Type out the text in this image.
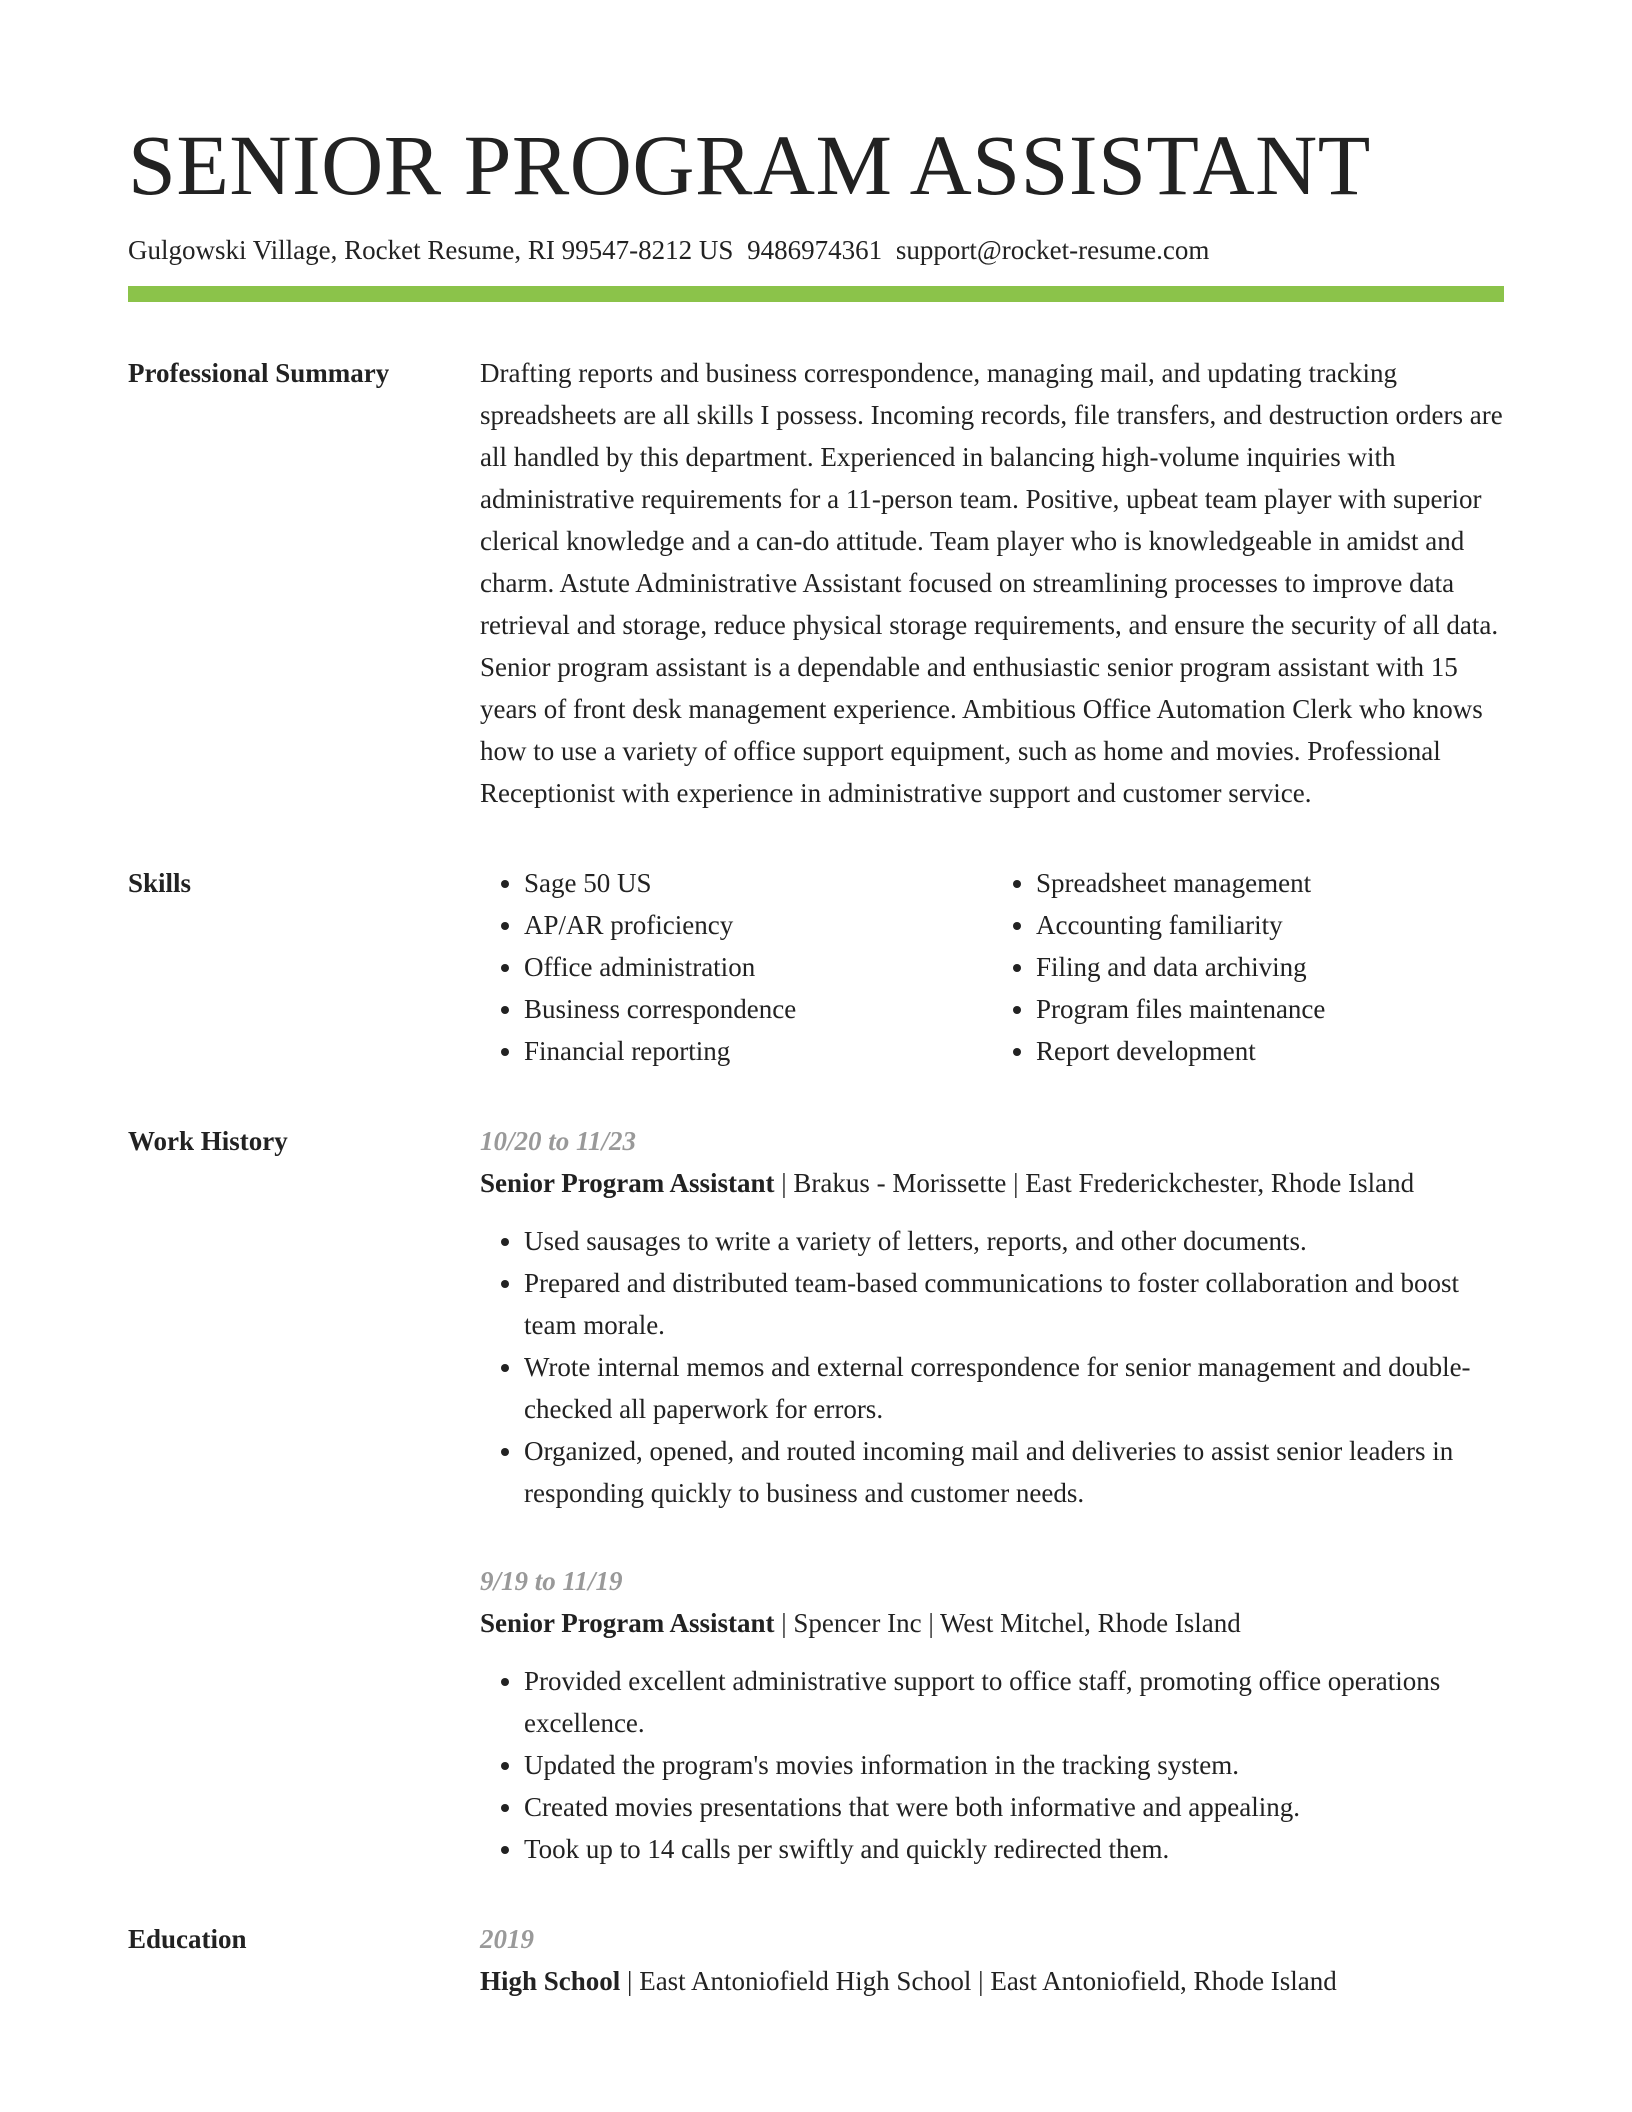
SENIOR PROGRAM ASSISTANT
Gulgowski Village, Rocket Resume, RI 99547-8212 US 9486974361 support@rocket-resume.com
Professional Summary	Drafting reports and business correspondence, managing mail, and updating tracking spreadsheets are all skills I possess. Incoming records, file transfers, and destruction orders are all handled by this department. Experienced in balancing high-volume inquiries with administrative requirements for a 11-person team. Positive, upbeat team player with superior clerical knowledge and a can-do attitude. Team player who is knowledgeable in amidst and charm. Astute Administrative Assistant focused on streamlining processes to improve data retrieval and storage, reduce physical storage requirements, and ensure the security of all data. Senior program assistant is a dependable and enthusiastic senior program assistant with 15 years of front desk management experience. Ambitious Office Automation Clerk who knows how to use a variety of office support equipment, such as home and movies. Professional Receptionist with experience in administrative support and customer service.

Skills
•	Sage 50 US
• AP/AR proficiency
• Office administration
• Business correspondence
• Financial reporting
• Spreadsheet management
• Accounting familiarity
• Filing and data archiving
• Program files maintenance
• Report development
Work History	10/20 to 11/23
Senior Program Assistant | Brakus - Morissette | East Frederickchester, Rhode Island
• Used sausages to write a variety of letters, reports, and other documents.
• Prepared and distributed team-based communications to foster collaboration and boost team morale.
• Wrote internal memos and external correspondence for senior management and double-checked all paperwork for errors.
• Organized, opened, and routed incoming mail and deliveries to assist senior leaders in responding quickly to business and customer needs.
9/19 to 11/19
Senior Program Assistant | Spencer Inc | West Mitchel, Rhode Island
• Provided excellent administrative support to office staff, promoting office operations excellence.
• Updated the program's movies information in the tracking system.
• Created movies presentations that were both informative and appealing.
• Took up to 14 calls per swiftly and quickly redirected them.
Education	2019
High School | East Antoniofield High School | East Antoniofield, Rhode Island
